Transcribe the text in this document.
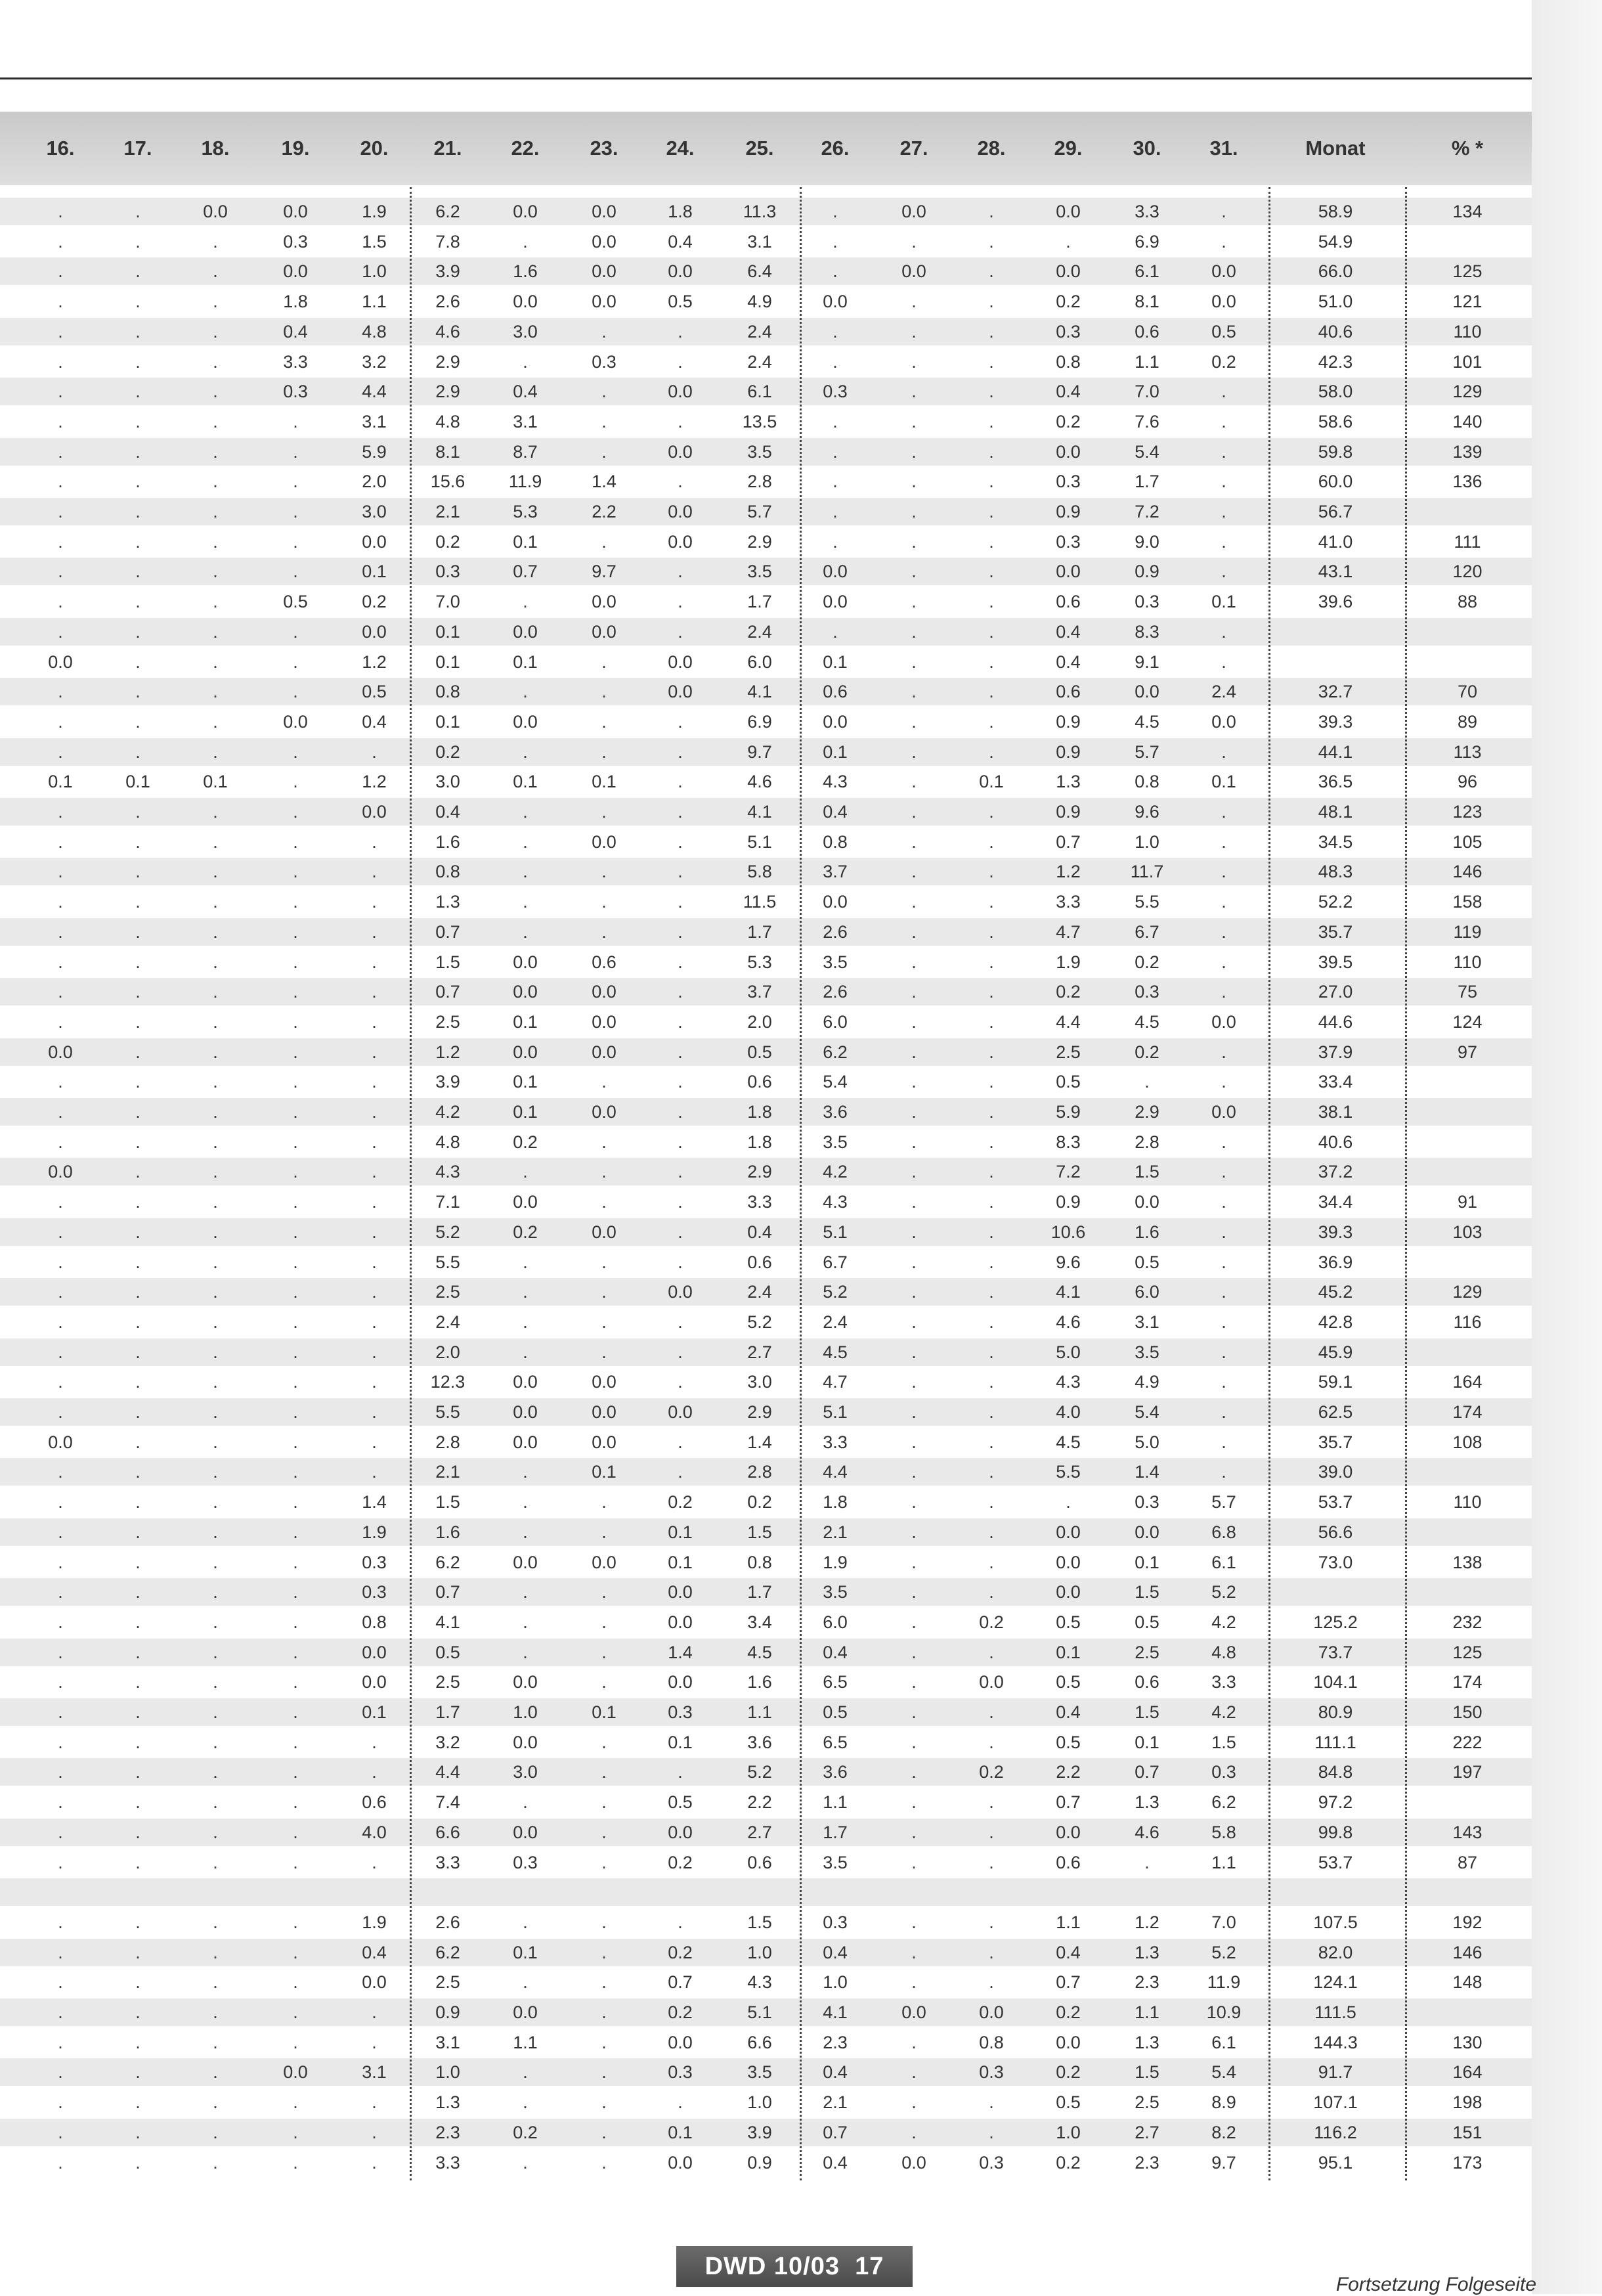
DWD 10/03 17
Fortsetzung Folgeseite
16.	17.	18.	19.	20.	21.	22.	23.	24.	25.	26.	27.	28.	29.	30.	31.	Monat	% *
.	.	0.0	0.0	1.9	6.2	0.0	0.0	1.8	11.3	.	0.0	.	0.0	3.3	.	58.9	134
.	.	.	0.3	1.5	7.8	.	0.0	0.4	3.1	.	.	.	.	6.9	.	54.9
.	.	.	0.0	1.0	3.9	1.6	0.0	0.0	6.4	.	0.0	.	0.0	6.1	0.0	66.0	125
.	.	.	1.8	1.1	2.6	0.0	0.0	0.5	4.9	0.0	.	.	0.2	8.1	0.0	51.0	121
.	.	.	0.4	4.8	4.6	3.0	.	.	2.4	.	.	.	0.3	0.6	0.5	40.6	110
.	.	.	3.3	3.2	2.9	.	0.3	.	2.4	.	.	.	0.8	1.1	0.2	42.3	101
.	.	.	0.3	4.4	2.9	0.4	.	0.0	6.1	0.3	.	.	0.4	7.0	.	58.0	129
.	.	.	.	3.1	4.8	3.1	.	.	13.5	.	.	.	0.2	7.6	.	58.6	140
.	.	.	.	5.9	8.1	8.7	.	0.0	3.5	.	.	.	0.0	5.4	.	59.8	139
.	.	.	.	2.0	15.6	11.9	1.4	.	2.8	.	.	.	0.3	1.7	.	60.0	136
.	.	.	.	3.0	2.1	5.3	2.2	0.0	5.7	.	.	.	0.9	7.2	.	56.7
.	.	.	.	0.0	0.2	0.1	.	0.0	2.9	.	.	.	0.3	9.0	.	41.0	111
.	.	.	.	0.1	0.3	0.7	9.7	.	3.5	0.0	.	.	0.0	0.9	.	43.1	120
.	.	.	0.5	0.2	7.0	.	0.0	.	1.7	0.0	.	.	0.6	0.3	0.1	39.6	88
.	.	.	.	0.0	0.1	0.0	0.0	.	2.4	.	.	.	0.4	8.3	.
0.0	.	.	.	1.2	0.1	0.1	.	0.0	6.0	0.1	.	.	0.4	9.1	.
.	.	.	.	0.5	0.8	.	.	0.0	4.1	0.6	.	.	0.6	0.0	2.4	32.7	70
.	.	.	0.0	0.4	0.1	0.0	.	.	6.9	0.0	.	.	0.9	4.5	0.0	39.3	89
.	.	.	.	.	0.2	.	.	.	9.7	0.1	.	.	0.9	5.7	.	44.1	113
0.1	0.1	0.1	.	1.2	3.0	0.1	0.1	.	4.6	4.3	.	0.1	1.3	0.8	0.1	36.5	96
.	.	.	.	0.0	0.4	.	.	.	4.1	0.4	.	.	0.9	9.6	.	48.1	123
.	.	.	.	.	1.6	.	0.0	.	5.1	0.8	.	.	0.7	1.0	.	34.5	105
.	.	.	.	.	0.8	.	.	.	5.8	3.7	.	.	1.2	11.7	.	48.3	146
.	.	.	.	.	1.3	.	.	.	11.5	0.0	.	.	3.3	5.5	.	52.2	158
.	.	.	.	.	0.7	.	.	.	1.7	2.6	.	.	4.7	6.7	.	35.7	119
.	.	.	.	.	1.5	0.0	0.6	.	5.3	3.5	.	.	1.9	0.2	.	39.5	110
.	.	.	.	.	0.7	0.0	0.0	.	3.7	2.6	.	.	0.2	0.3	.	27.0	75
.	.	.	.	.	2.5	0.1	0.0	.	2.0	6.0	.	.	4.4	4.5	0.0	44.6	124
0.0	.	.	.	.	1.2	0.0	0.0	.	0.5	6.2	.	.	2.5	0.2	.	37.9	97
.	.	.	.	.	3.9	0.1	.	.	0.6	5.4	.	.	0.5	.	.	33.4
.	.	.	.	.	4.2	0.1	0.0	.	1.8	3.6	.	.	5.9	2.9	0.0	38.1
.	.	.	.	.	4.8	0.2	.	.	1.8	3.5	.	.	8.3	2.8	.	40.6
0.0	.	.	.	.	4.3	.	.	.	2.9	4.2	.	.	7.2	1.5	.	37.2
.	.	.	.	.	7.1	0.0	.	.	3.3	4.3	.	.	0.9	0.0	.	34.4	91
.	.	.	.	.	5.2	0.2	0.0	.	0.4	5.1	.	.	10.6	1.6	.	39.3	103
.	.	.	.	.	5.5	.	.	.	0.6	6.7	.	.	9.6	0.5	.	36.9
.	.	.	.	.	2.5	.	.	0.0	2.4	5.2	.	.	4.1	6.0	.	45.2	129
.	.	.	.	.	2.4	.	.	.	5.2	2.4	.	.	4.6	3.1	.	42.8	116
.	.	.	.	.	2.0	.	.	.	2.7	4.5	.	.	5.0	3.5	.	45.9
.	.	.	.	.	12.3	0.0	0.0	.	3.0	4.7	.	.	4.3	4.9	.	59.1	164
.	.	.	.	.	5.5	0.0	0.0	0.0	2.9	5.1	.	.	4.0	5.4	.	62.5	174
0.0	.	.	.	.	2.8	0.0	0.0	.	1.4	3.3	.	.	4.5	5.0	.	35.7	108
.	.	.	.	.	2.1	.	0.1	.	2.8	4.4	.	.	5.5	1.4	.	39.0
.	.	.	.	1.4	1.5	.	.	0.2	0.2	1.8	.	.	.	0.3	5.7	53.7	110
.	.	.	.	1.9	1.6	.	.	0.1	1.5	2.1	.	.	0.0	0.0	6.8	56.6
.	.	.	.	0.3	6.2	0.0	0.0	0.1	0.8	1.9	.	.	0.0	0.1	6.1	73.0	138
.	.	.	.	0.3	0.7	.	.	0.0	1.7	3.5	.	.	0.0	1.5	5.2
.	.	.	.	0.8	4.1	.	.	0.0	3.4	6.0	.	0.2	0.5	0.5	4.2	125.2	232
.	.	.	.	0.0	0.5	.	.	1.4	4.5	0.4	.	.	0.1	2.5	4.8	73.7	125
.	.	.	.	0.0	2.5	0.0	.	0.0	1.6	6.5	.	0.0	0.5	0.6	3.3	104.1	174
.	.	.	.	0.1	1.7	1.0	0.1	0.3	1.1	0.5	.	.	0.4	1.5	4.2	80.9	150
.	.	.	.	.	3.2	0.0	.	0.1	3.6	6.5	.	.	0.5	0.1	1.5	111.1	222
.	.	.	.	.	4.4	3.0	.	.	5.2	3.6	.	0.2	2.2	0.7	0.3	84.8	197
.	.	.	.	0.6	7.4	.	.	0.5	2.2	1.1	.	.	0.7	1.3	6.2	97.2
.	.	.	.	4.0	6.6	0.0	.	0.0	2.7	1.7	.	.	0.0	4.6	5.8	99.8	143
.	.	.	.	.	3.3	0.3	.	0.2	0.6	3.5	.	.	0.6	.	1.1	53.7	87
.	.	.	.	1.9	2.6	.	.	.	1.5	0.3	.	.	1.1	1.2	7.0	107.5	192
.	.	.	.	0.4	6.2	0.1	.	0.2	1.0	0.4	.	.	0.4	1.3	5.2	82.0	146
.	.	.	.	0.0	2.5	.	.	0.7	4.3	1.0	.	.	0.7	2.3	11.9	124.1	148
.	.	.	.	.	0.9	0.0	.	0.2	5.1	4.1	0.0	0.0	0.2	1.1	10.9	111.5
.	.	.	.	.	3.1	1.1	.	0.0	6.6	2.3	.	0.8	0.0	1.3	6.1	144.3	130
.	.	.	0.0	3.1	1.0	.	.	0.3	3.5	0.4	.	0.3	0.2	1.5	5.4	91.7	164
.	.	.	.	.	1.3	.	.	.	1.0	2.1	.	.	0.5	2.5	8.9	107.1	198
.	.	.	.	.	2.3	0.2	.	0.1	3.9	0.7	.	.	1.0	2.7	8.2	116.2	151
.	.	.	.	.	3.3	.	.	0.0	0.9	0.4	0.0	0.3	0.2	2.3	9.7	95.1	173
